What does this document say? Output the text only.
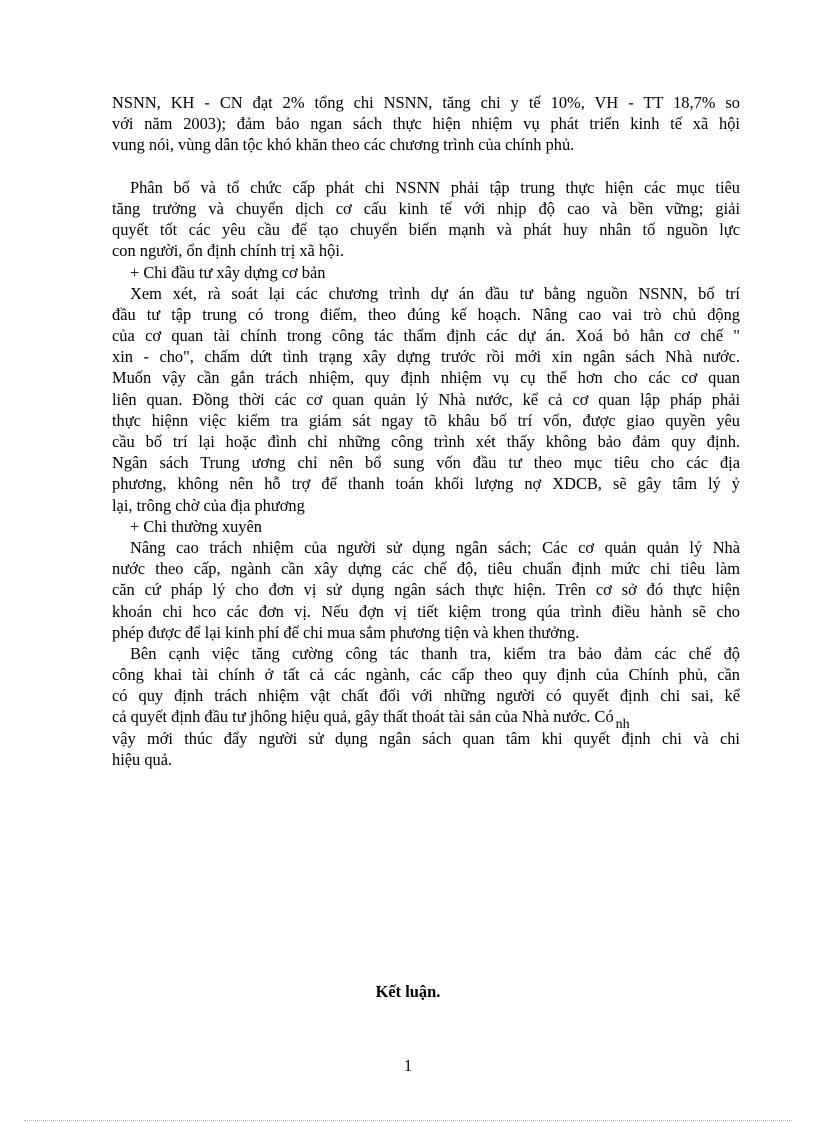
NSNN, KH - CN đạt 2% tổng chi NSNN, tăng chi y tế 10%, VH - TT 18,7% so
với năm 2003); đảm bảo ngan sách thực hiện nhiệm vụ phát triển kinh tế xã hội
vung nói, vùng dân tộc khó khăn theo các chương trình của chính phủ.
Phân bổ và tổ chức cấp phát chi NSNN phải tập trung thực hiện các mục tiêu
tăng trưởng và chuyển dịch cơ cấu kinh tế với nhịp độ cao và bền vững; giải
quyết tốt các yêu cầu để tạo chuyển biến mạnh và phát huy nhân tố nguồn lực
con người, ổn định chính trị xã hội.
+ Chi đầu tư xây dựng cơ bản
Xem xét, rà soát lại các chương trình dự án đầu tư bằng nguồn NSNN, bố trí
đầu tư tập trung có trong điểm, theo đúng kế hoạch. Nâng cao vai trò chủ động
của cơ quan tài chính trong công tác thẩm định các dự án. Xoá bỏ hẳn cơ chế "
xin - cho", chấm dứt tình trạng xây dựng trước rồi mới xin ngân sách Nhà nước.
Muốn vậy cần gắn trách nhiệm, quy định nhiệm vụ cụ thể hơn cho các cơ quan
liên quan. Đồng thời các cơ quan quản lý Nhà nước, kể cả cơ quan lập pháp phải
thực hiệnn việc kiểm tra giám sát ngay tõ khâu bố trí vốn, được giao quyền yêu
cầu bố trí lại hoặc đình chỉ những công trình xét thấy không bảo đảm quy định.
Ngân sách Trung ương chỉ nên bổ sung vốn đầu tư theo mục tiêu cho các địa
phương, không nên hỗ trợ để thanh toán khối lượng nợ XDCB, sẽ gây tâm lý ỷ
lại, trông chờ của địa phương
+ Chi thường xuyên
Nâng cao trách nhiệm của người sử dụng ngân sách; Các cơ quản quản lý Nhà
nước theo cấp, ngành cần xây dựng các chế độ, tiêu chuẩn định mức chi tiêu làm
căn cứ pháp lý cho đơn vị sử dụng ngân sách thực hiện. Trên cơ sở đó thực hiện
khoán chi hco các đơn vị. Nếu đợn vị tiết kiệm trong qúa trình điều hành sẽ cho
phép được để lại kinh phí để chi mua sắm phương tiện và khen thưởng.
Bên cạnh việc tăng cường công tác thanh tra, kiểm tra bảo đảm các chế độ
công khai tài chính ở tất cả các ngành, các cấp theo quy định của Chính phủ, cần
có quy định trách nhiệm vật chất đối với những người có quyết định chi sai, kể
cả quyết định đầu tư jhông hiệu quả, gây thất thoát tài sản của Nhà nước. Có nh
vậy mới thúc đẩy người sử dụng ngân sách quan tâm khi quyết định chi và chi
hiệu quả.
Kết luận.
1
